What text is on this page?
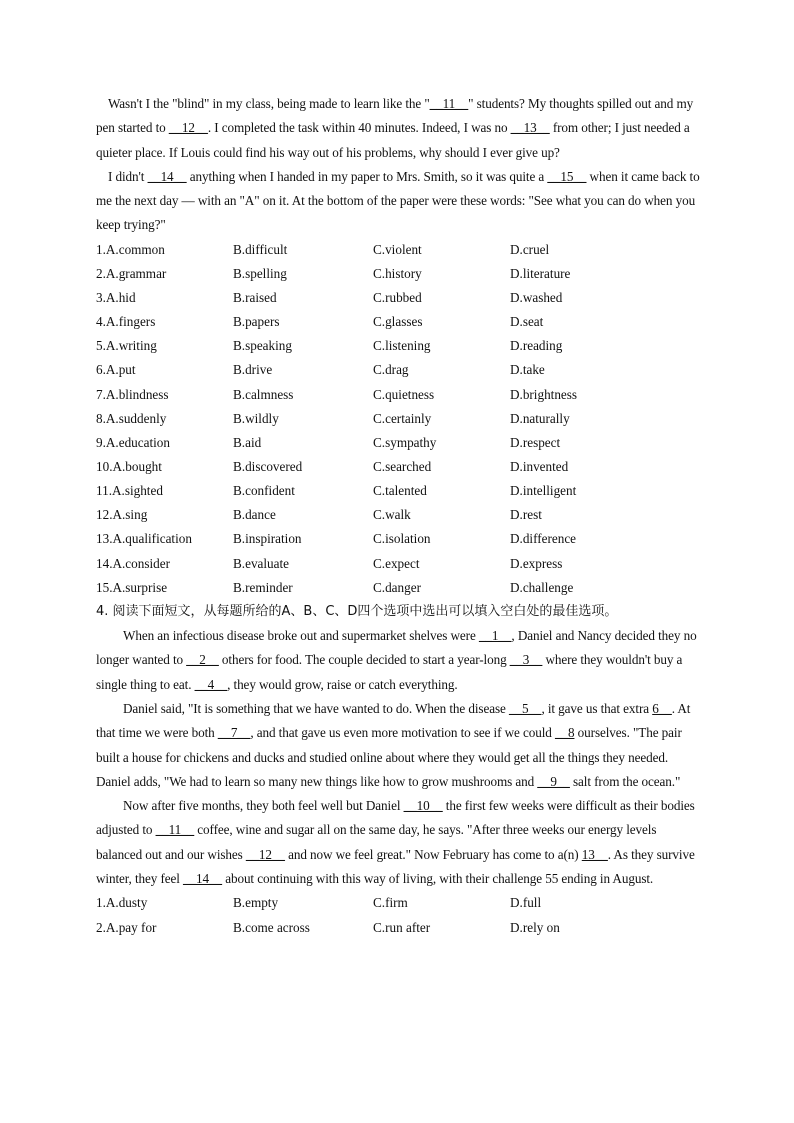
Wasn't I the "blind" in my class, being made to learn like the "__11__" students? My thoughts spilled out and my pen started to __12__. I completed the task within 40 minutes. Indeed, I was no __13__ from other; I just needed a quieter place. If Louis could find his way out of his problems, why should I ever give up?

I didn't __14__ anything when I handed in my paper to Mrs. Smith, so it was quite a __15__ when it came back to me the next day — with an "A" on it. At the bottom of the paper were these words: "See what you can do when you keep trying?"

1.A.common	B.difficult	C.violent	D.cruel
2.A.grammar	B.spelling	C.history	D.literature
3.A.hid	B.raised	C.rubbed	D.washed
4.A.fingers	B.papers	C.glasses	D.seat
5.A.writing	B.speaking	C.listening	D.reading
6.A.put	B.drive	C.drag	D.take
7.A.blindness	B.calmness	C.quietness	D.brightness
8.A.suddenly	B.wildly	C.certainly	D.naturally
9.A.education	B.aid	C.sympathy	D.respect
10.A.bought	B.discovered	C.searched	D.invented
11.A.sighted	B.confident	C.talented	D.intelligent
12.A.sing	B.dance	C.walk	D.rest
13.A.qualification	B.inspiration	C.isolation	D.difference
14.A.consider	B.evaluate	C.expect	D.express
15.A.surprise	B.reminder	C.danger	D.challenge

4. 阅读下面短文，从每题所给的A、B、C、D四个选项中选出可以填入空白处的最佳选项。

When an infectious disease broke out and supermarket shelves were __1__, Daniel and Nancy decided they no longer wanted to __2__ others for food. The couple decided to start a year-long __3__ where they wouldn't buy a single thing to eat. __4__, they would grow, raise or catch everything.

Daniel said, "It is something that we have wanted to do. When the disease __5__, it gave us that extra 6__. At that time we were both __7__, and that gave us even more motivation to see if we could __8 ourselves. "The pair built a house for chickens and ducks and studied online about where they would get all the things they needed. Daniel adds, "We had to learn so many new things like how to grow mushrooms and __9__ salt from the ocean."

Now after five months, they both feel well but Daniel __10__ the first few weeks were difficult as their bodies adjusted to __11__ coffee, wine and sugar all on the same day, he says. "After three weeks our energy levels balanced out and our wishes __12__ and now we feel great." Now February has come to a(n) 13__. As they survive winter, they feel __14__ about continuing with this way of living, with their challenge 55 ending in August.

1.A.dusty	B.empty	C.firm	D.full
2.A.pay for	B.come across	C.run after	D.rely on
